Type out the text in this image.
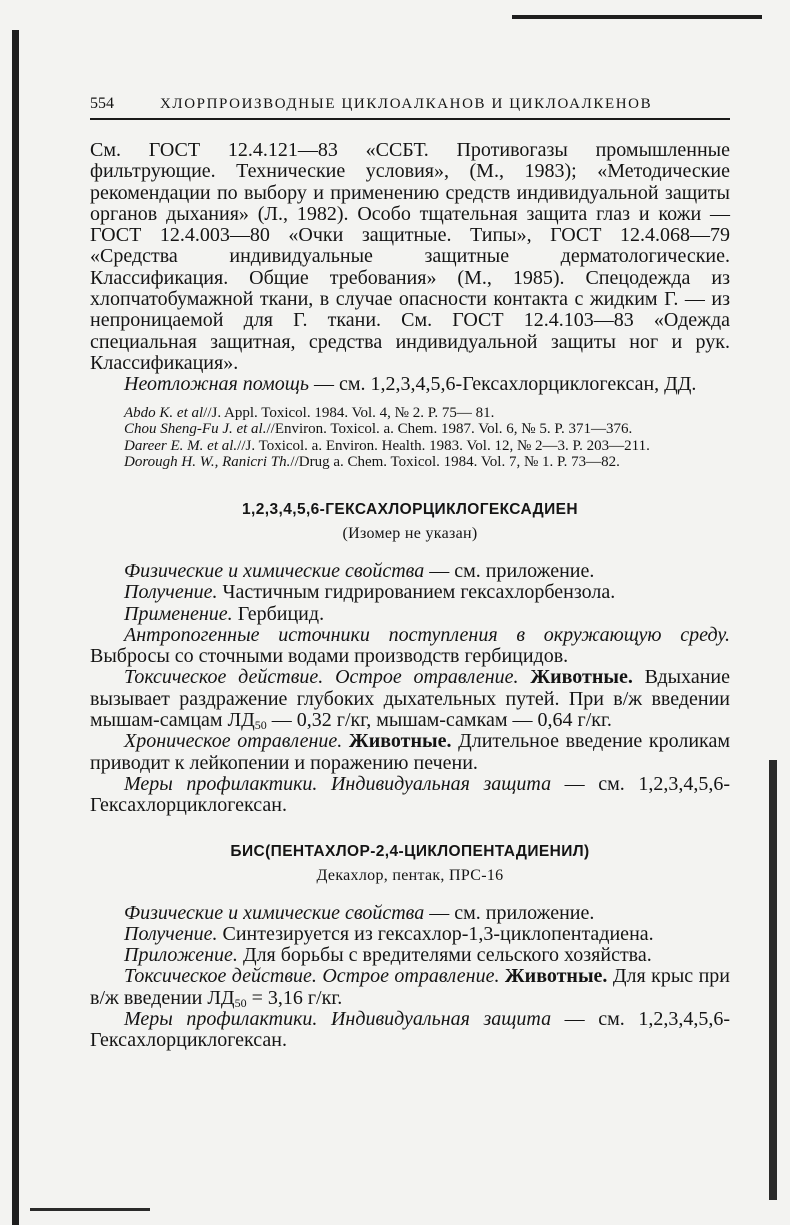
554	ХЛОРПРОИЗВОДНЫЕ ЦИКЛОАЛКАНОВ И ЦИКЛОАЛКЕНОВ

См. ГОСТ 12.4.121—83 «ССБТ. Противогазы промышленные фильтрующие. Технические условия», (М., 1983); «Методические рекомендации по выбору и применению средств индивидуальной защиты органов дыхания» (Л., 1982). Особо тщательная защита глаз и кожи — ГОСТ 12.4.003—80 «Очки защитные. Типы», ГОСТ 12.4.068—79 «Средства индивидуальные защитные дерматологические. Классификация. Общие требования» (М., 1985). Спецодежда из хлопчатобумажной ткани, в случае опасности контакта с жидким Г. — из непроницаемой для Г. ткани. См. ГОСТ 12.4.103—83 «Одежда специальная защитная, средства индивидуальной защиты ног и рук. Классификация».

Неотложная помощь — см. 1,2,3,4,5,6-Гексахлорциклогексан, ДД.

Abdo K. et al//J. Appl. Toxicol. 1984. Vol. 4, № 2. P. 75— 81.

Chou Sheng-Fu J. et al.//Environ. Toxicol. a. Chem. 1987. Vol. 6, № 5. P. 371—376.

Dareer E. M. et al.//J. Toxicol. a. Environ. Health. 1983. Vol. 12, № 2—3. P. 203—211.

Dorough H. W., Ranicri Th.//Drug a. Chem. Toxicol. 1984. Vol. 7, № 1. P. 73—82.

1,2,3,4,5,6-ГЕКСАХЛОРЦИКЛОГЕКСАДИЕН
(Изомер не указан)

Физические и химические свойства — см. приложение.

Получение. Частичным гидрированием гексахлорбензола.

Применение. Гербицид.

Антропогенные источники поступления в окружающую среду. Выбросы со сточными водами производств гербицидов.

Токсическое действие. Острое отравление. Животные. Вдыхание вызывает раздражение глубоких дыхательных путей. При в/ж введении мышам-самцам $ЛД_{50}$ — 0,32 г/кг, мышам-самкам — 0,64 г/кг.

Хроническое отравление. Животные. Длительное введение кроликам приводит к лейкопении и поражению печени.

Меры профилактики. Индивидуальная защита — см. 1,2,3,4,5,6-Гексахлорциклогексан.

БИС(ПЕНТАХЛОР-2,4-ЦИКЛОПЕНТАДИЕНИЛ)
Декахлор, пентак, ПРС-16

Физические и химические свойства — см. приложение.

Получение. Синтезируется из гексахлор-1,3-циклопентадиена.

Приложение. Для борьбы с вредителями сельского хозяйства.

Токсическое действие. Острое отравление. Животные. Для крыс при в/ж введении $ЛД_{50} = 3,16$ г/кг.

Меры профилактики. Индивидуальная защита — см. 1,2,3,4,5,6-Гексахлорциклогексан.
